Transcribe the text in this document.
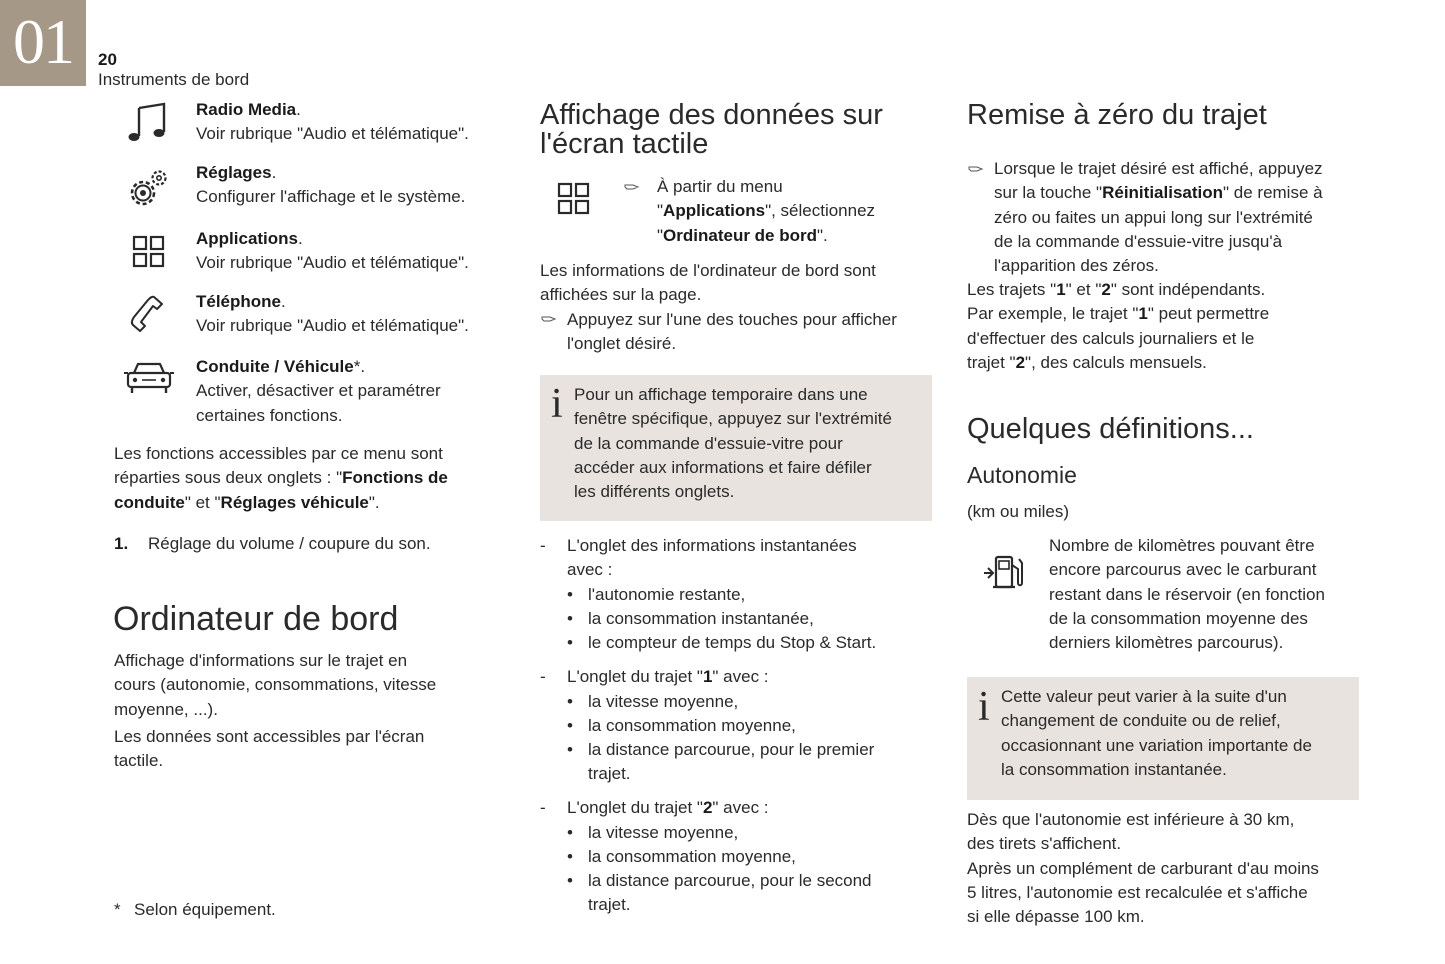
01	20
Instruments de bord
Radio Media.
Voir rubrique "Audio et télématique".
Réglages.
Configurer l'affichage et le système.
Applications.
Voir rubrique "Audio et télématique".
Téléphone.
Voir rubrique "Audio et télématique".
Conduite / Véhicule*.
Activer, désactiver et paramétrer
certaines fonctions.
Les fonctions accessibles par ce menu sont
réparties sous deux onglets : "Fonctions de
conduite" et "Réglages véhicule".
1. Réglage du volume / coupure du son.
Ordinateur de bord
Affichage d'informations sur le trajet en
cours (autonomie, consommations, vitesse
moyenne, ...).
Les données sont accessibles par l'écran
tactile.
* Selon équipement.
Affichage des données sur
l'écran tactile
À partir du menu
"Applications", sélectionnez
"Ordinateur de bord".
Les informations de l'ordinateur de bord sont
affichées sur la page.
Appuyez sur l'une des touches pour afficher
l'onglet désiré.
i Pour un affichage temporaire dans une
fenêtre spécifique, appuyez sur l'extrémité
de la commande d'essuie-vitre pour
accéder aux informations et faire défiler
les différents onglets.
- L'onglet des informations instantanées
avec :
• l'autonomie restante,
• la consommation instantanée,
• le compteur de temps du Stop & Start.
- L'onglet du trajet "1" avec :
• la vitesse moyenne,
• la consommation moyenne,
• la distance parcourue, pour le premier
trajet.
- L'onglet du trajet "2" avec :
• la vitesse moyenne,
• la consommation moyenne,
• la distance parcourue, pour le second
trajet.
Remise à zéro du trajet
Lorsque le trajet désiré est affiché, appuyez
sur la touche "Réinitialisation" de remise à
zéro ou faites un appui long sur l'extrémité
de la commande d'essuie-vitre jusqu'à
l'apparition des zéros.
Les trajets "1" et "2" sont indépendants.
Par exemple, le trajet "1" peut permettre
d'effectuer des calculs journaliers et le
trajet "2", des calculs mensuels.
Quelques définitions...
Autonomie
(km ou miles)
Nombre de kilomètres pouvant être
encore parcourus avec le carburant
restant dans le réservoir (en fonction
de la consommation moyenne des
derniers kilomètres parcourus).
i Cette valeur peut varier à la suite d'un
changement de conduite ou de relief,
occasionnant une variation importante de
la consommation instantanée.
Dès que l'autonomie est inférieure à 30 km,
des tirets s'affichent.
Après un complément de carburant d'au moins
5 litres, l'autonomie est recalculée et s'affiche
si elle dépasse 100 km.
